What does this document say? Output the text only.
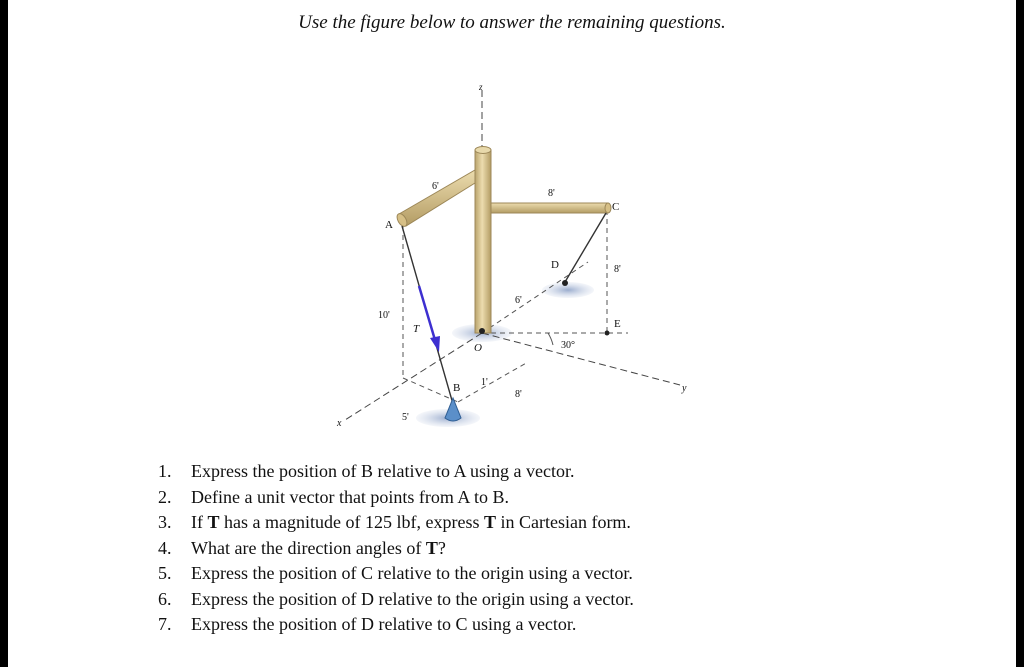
Use the figure below to answer the remaining questions.
z
x
y
A
C
D
E
O
B
T
6'
8'
10'
8'
6'
1'
5'
8'
30°
1.	Express the position of B relative to A using a vector.
2.	Define a unit vector that points from A to B.
3.	If T has a magnitude of 125 lbf, express T in Cartesian form.
4.	What are the direction angles of T?
5.	Express the position of C relative to the origin using a vector.
6.	Express the position of D relative to the origin using a vector.
7.	Express the position of D relative to C using a vector.
